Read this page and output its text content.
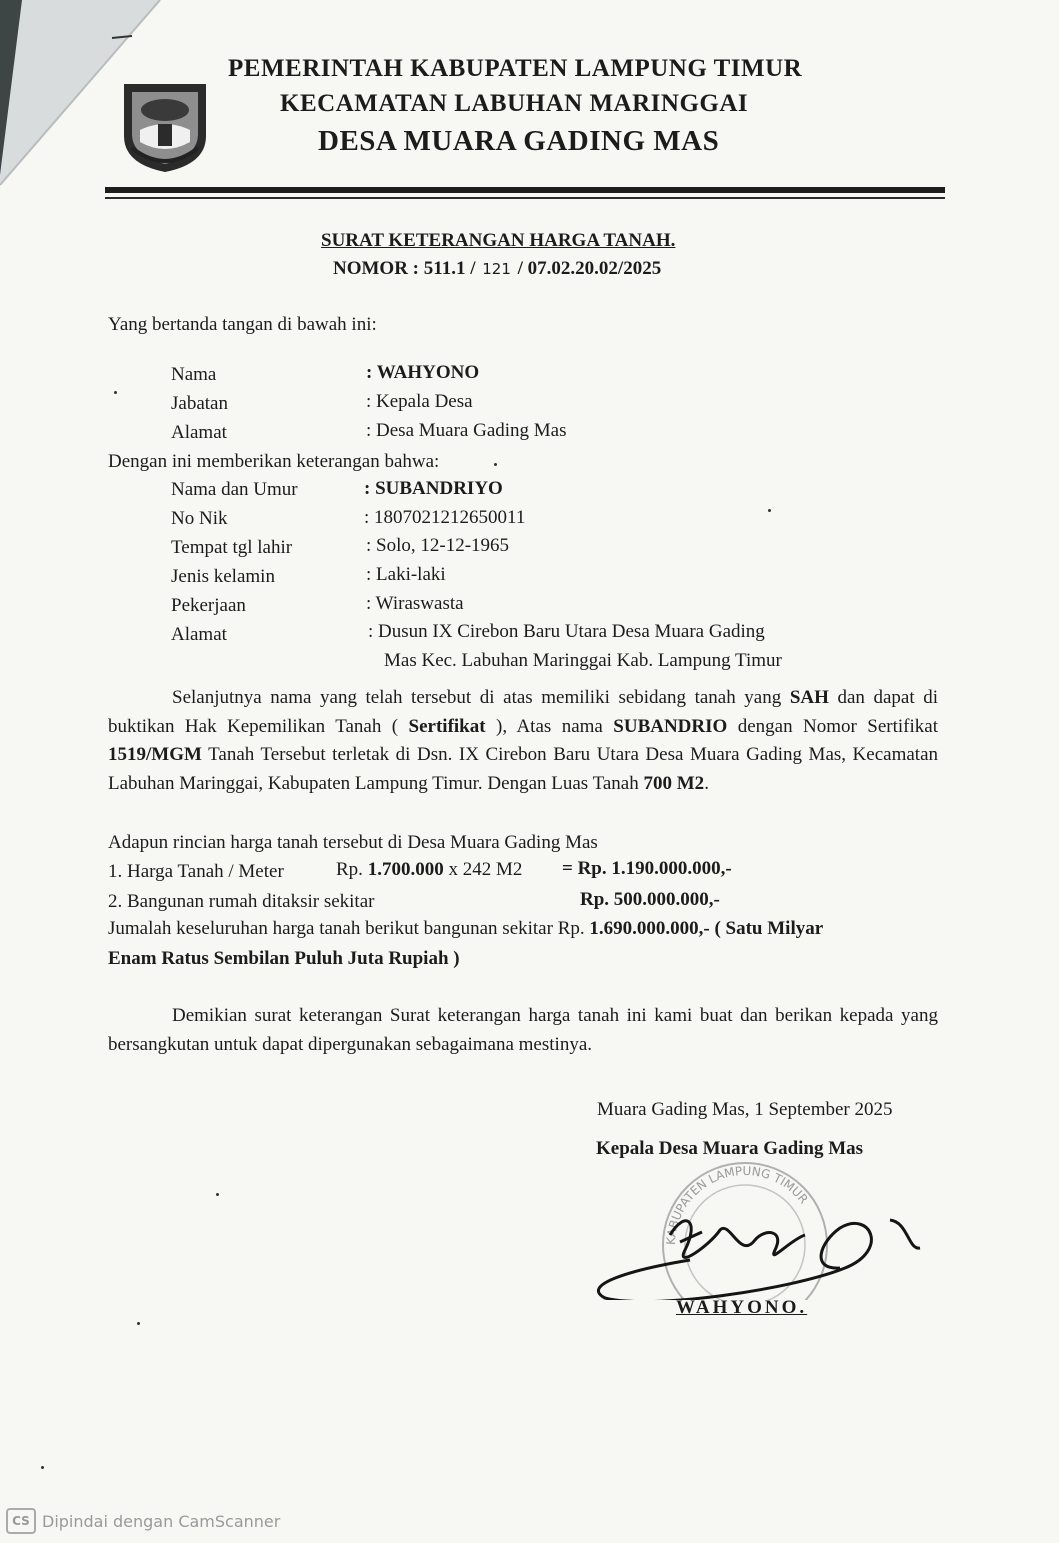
PEMERINTAH KABUPATEN LAMPUNG TIMUR
KECAMATAN LABUHAN MARINGGAI
DESA MUARA GADING MAS
SURAT KETERANGAN HARGA TANAH.
NOMOR : 511.1 / 121 / 07.02.20.02/2025
Yang bertanda tangan di bawah ini:
Nama	: WAHYONO
Jabatan	: Kepala Desa
Alamat	: Desa Muara Gading Mas
Dengan ini memberikan keterangan bahwa:
Nama dan Umur	: SUBANDRIYO
No Nik	: 1807021212650011
Tempat tgl lahir	: Solo, 12-12-1965
Jenis kelamin	: Laki-laki
Pekerjaan	: Wiraswasta
Alamat	: Dusun IX Cirebon Baru Utara Desa Muara Gading
Mas Kec. Labuhan Maringgai Kab. Lampung Timur
Selanjutnya nama yang telah tersebut di atas memiliki sebidang tanah yang SAH dan dapat di buktikan Hak Kepemilikan Tanah ( Sertifikat ), Atas nama SUBANDRIO dengan Nomor Sertifikat 1519/MGM Tanah Tersebut terletak di Dsn. IX Cirebon Baru Utara Desa Muara Gading Mas, Kecamatan Labuhan Maringgai, Kabupaten Lampung Timur. Dengan Luas Tanah 700 M2.
Adapun rincian harga tanah tersebut di Desa Muara Gading Mas
1. Harga Tanah / Meter	Rp. 1.700.000 x 242 M2 = Rp. 1.190.000.000,-
2. Bangunan rumah ditaksir sekitar	Rp. 500.000.000,-
Jumalah keseluruhan harga tanah berikut bangunan sekitar Rp. 1.690.000.000,- ( Satu Milyar
Enam Ratus Sembilan Puluh Juta Rupiah )
Demikian surat keterangan Surat keterangan harga tanah ini kami buat dan berikan kepada yang bersangkutan untuk dapat dipergunakan sebagaimana mestinya.
Muara Gading Mas, 1 September 2025
Kepala Desa Muara Gading Mas
KABUPATEN LAMPUNG TIMUR
WAHYONO.
CS Dipindai dengan CamScanner
